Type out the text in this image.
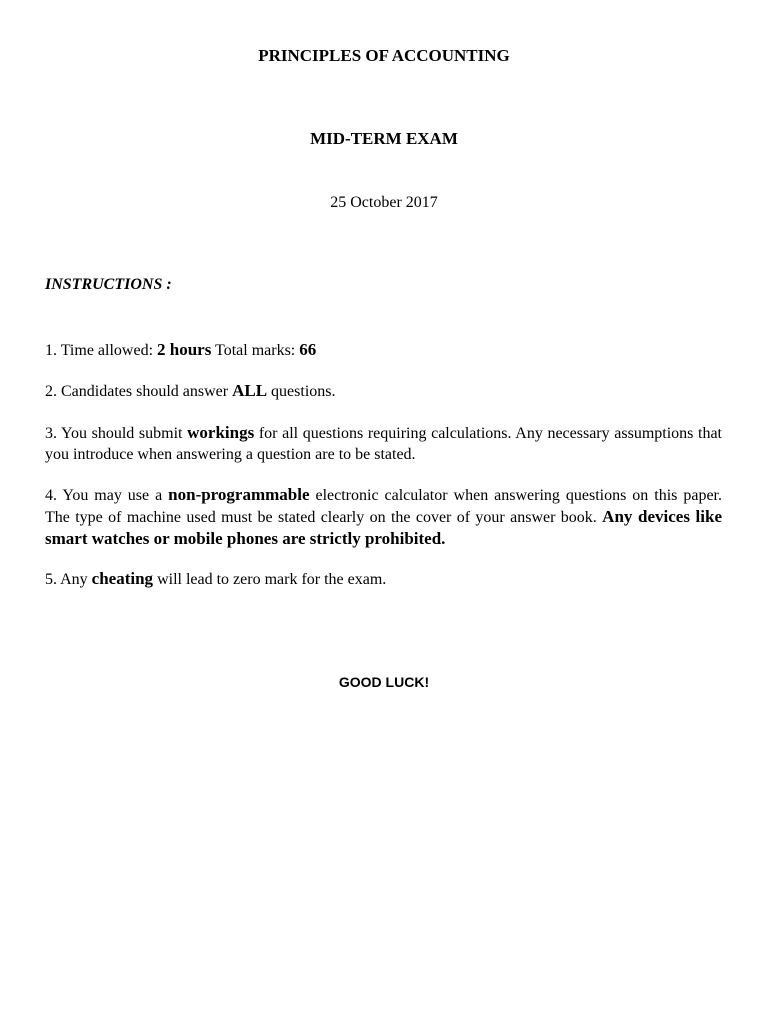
PRINCIPLES OF ACCOUNTING
MID-TERM EXAM
25 October 2017
INSTRUCTIONS :
1. Time allowed: 2 hours Total marks: 66
2. Candidates should answer ALL questions.
3. You should submit workings for all questions requiring calculations. Any necessary assumptions that you introduce when answering a question are to be stated.
4. You may use a non-programmable electronic calculator when answering questions on this paper. The type of machine used must be stated clearly on the cover of your answer book. Any devices like smart watches or mobile phones are strictly prohibited.
5. Any cheating will lead to zero mark for the exam.
GOOD LUCK!
